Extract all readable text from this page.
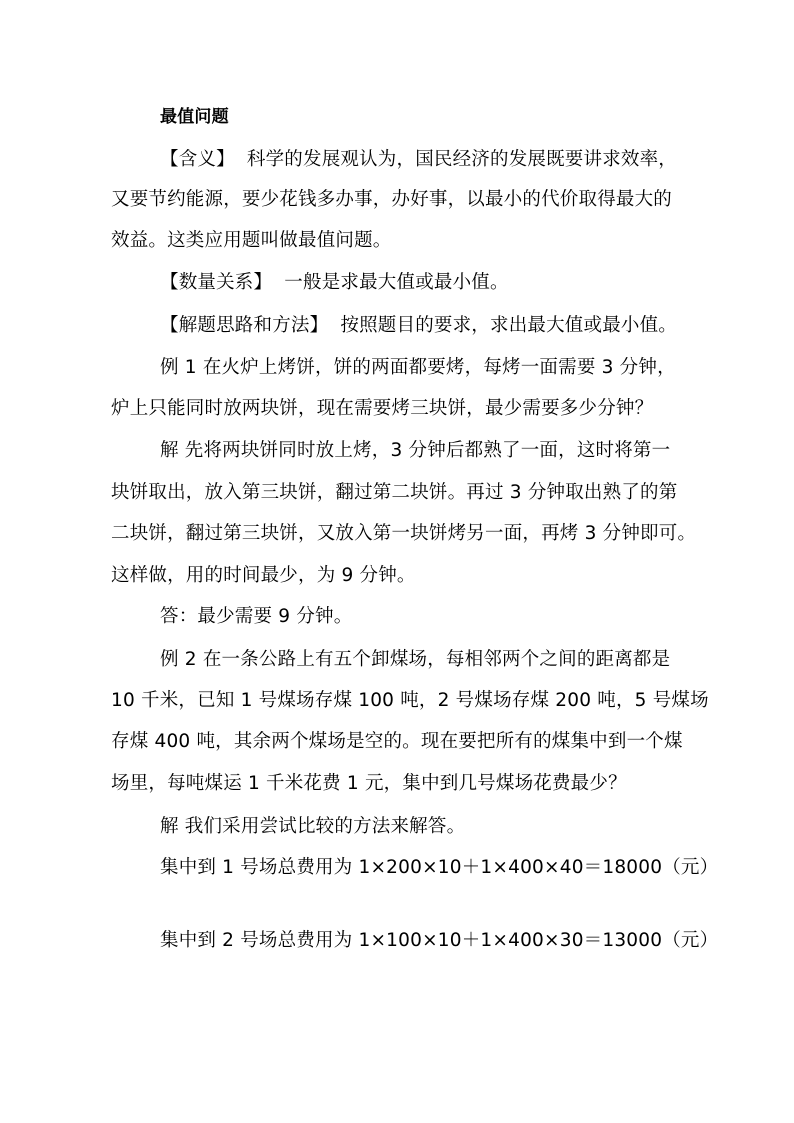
最值问题
【含义】 科学的发展观认为，国民经济的发展既要讲求效率，
又要节约能源，要少花钱多办事，办好事，以最小的代价取得最大的
效益。这类应用题叫做最值问题。
【数量关系】 一般是求最大值或最小值。
【解题思路和方法】 按照题目的要求，求出最大值或最小值。
例 1 在火炉上烤饼，饼的两面都要烤，每烤一面需要 3 分钟，
炉上只能同时放两块饼，现在需要烤三块饼，最少需要多少分钟？
解 先将两块饼同时放上烤，3 分钟后都熟了一面，这时将第一
块饼取出，放入第三块饼，翻过第二块饼。再过 3 分钟取出熟了的第
二块饼，翻过第三块饼，又放入第一块饼烤另一面，再烤 3 分钟即可。
这样做，用的时间最少，为 9 分钟。
答：最少需要 9 分钟。
例 2 在一条公路上有五个卸煤场，每相邻两个之间的距离都是
10 千米，已知 1 号煤场存煤 100 吨，2 号煤场存煤 200 吨，5 号煤场
存煤 400 吨，其余两个煤场是空的。现在要把所有的煤集中到一个煤
场里，每吨煤运 1 千米花费 1 元，集中到几号煤场花费最少？
解 我们采用尝试比较的方法来解答。
集中到 1 号场总费用为 1×200×10＋1×400×40＝18000（元）
集中到 2 号场总费用为 1×100×10＋1×400×30＝13000（元）
